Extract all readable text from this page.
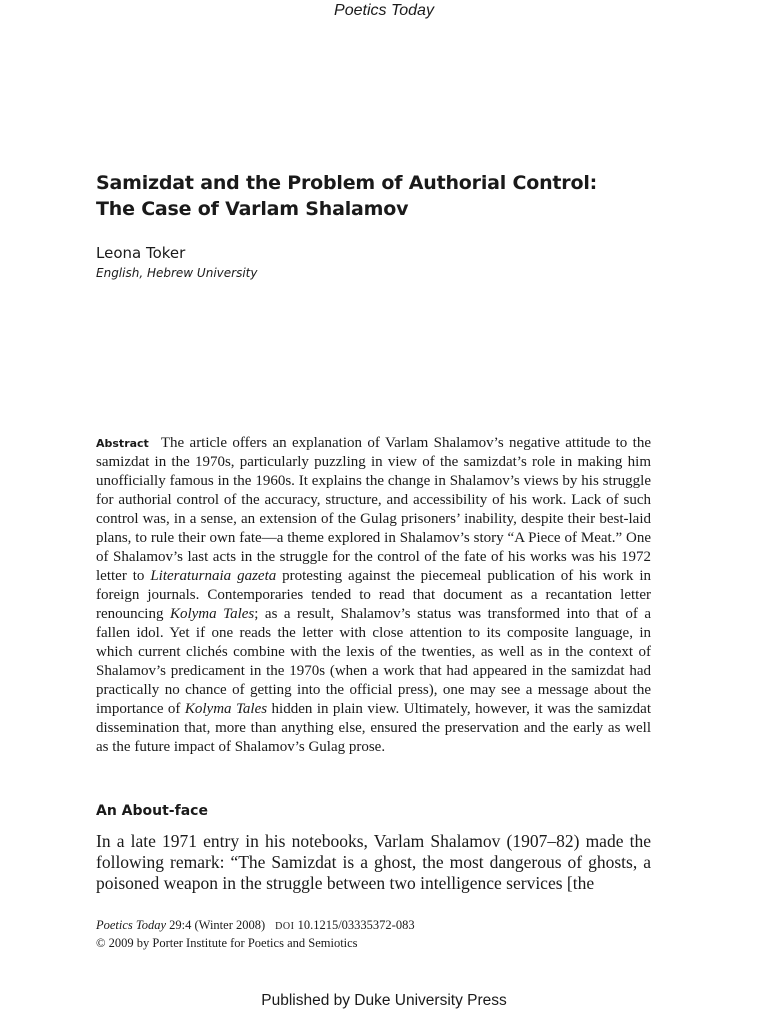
Poetics Today
Samizdat and the Problem of Authorial Control:
The Case of Varlam Shalamov
Leona Toker
English, Hebrew University
Abstract The article offers an explanation of Varlam Shalamov’s negative attitude to the samizdat in the 1970s, particularly puzzling in view of the samizdat’s role in making him unofficially famous in the 1960s. It explains the change in Shalamov’s views by his struggle for authorial control of the accuracy, structure, and accessibility of his work. Lack of such control was, in a sense, an extension of the Gulag prisoners’ inability, despite their best-laid plans, to rule their own fate—a theme explored in Shalamov’s story “A Piece of Meat.” One of Shalamov’s last acts in the struggle for the control of the fate of his works was his 1972 letter to Literaturnaia gazeta protesting against the piecemeal publication of his work in foreign journals. Contemporaries tended to read that document as a recantation letter renouncing Kolyma Tales; as a result, Shalamov’s status was transformed into that of a fallen idol. Yet if one reads the letter with close attention to its composite language, in which current clichés combine with the lexis of the twenties, as well as in the context of Shalamov’s predicament in the 1970s (when a work that had appeared in the samizdat had practically no chance of getting into the official press), one may see a message about the importance of Kolyma Tales hidden in plain view. Ultimately, however, it was the samizdat dissemination that, more than anything else, ensured the preservation and the early as well as the future impact of Shalamov’s Gulag prose.
An About-face
In a late 1971 entry in his notebooks, Varlam Shalamov (1907–82) made the following remark: “The Samizdat is a ghost, the most dangerous of ghosts, a poisoned weapon in the struggle between two intelligence services [the
Poetics Today 29:4 (Winter 2008) DOI 10.1215/03335372-083
© 2009 by Porter Institute for Poetics and Semiotics
Published by Duke University Press
